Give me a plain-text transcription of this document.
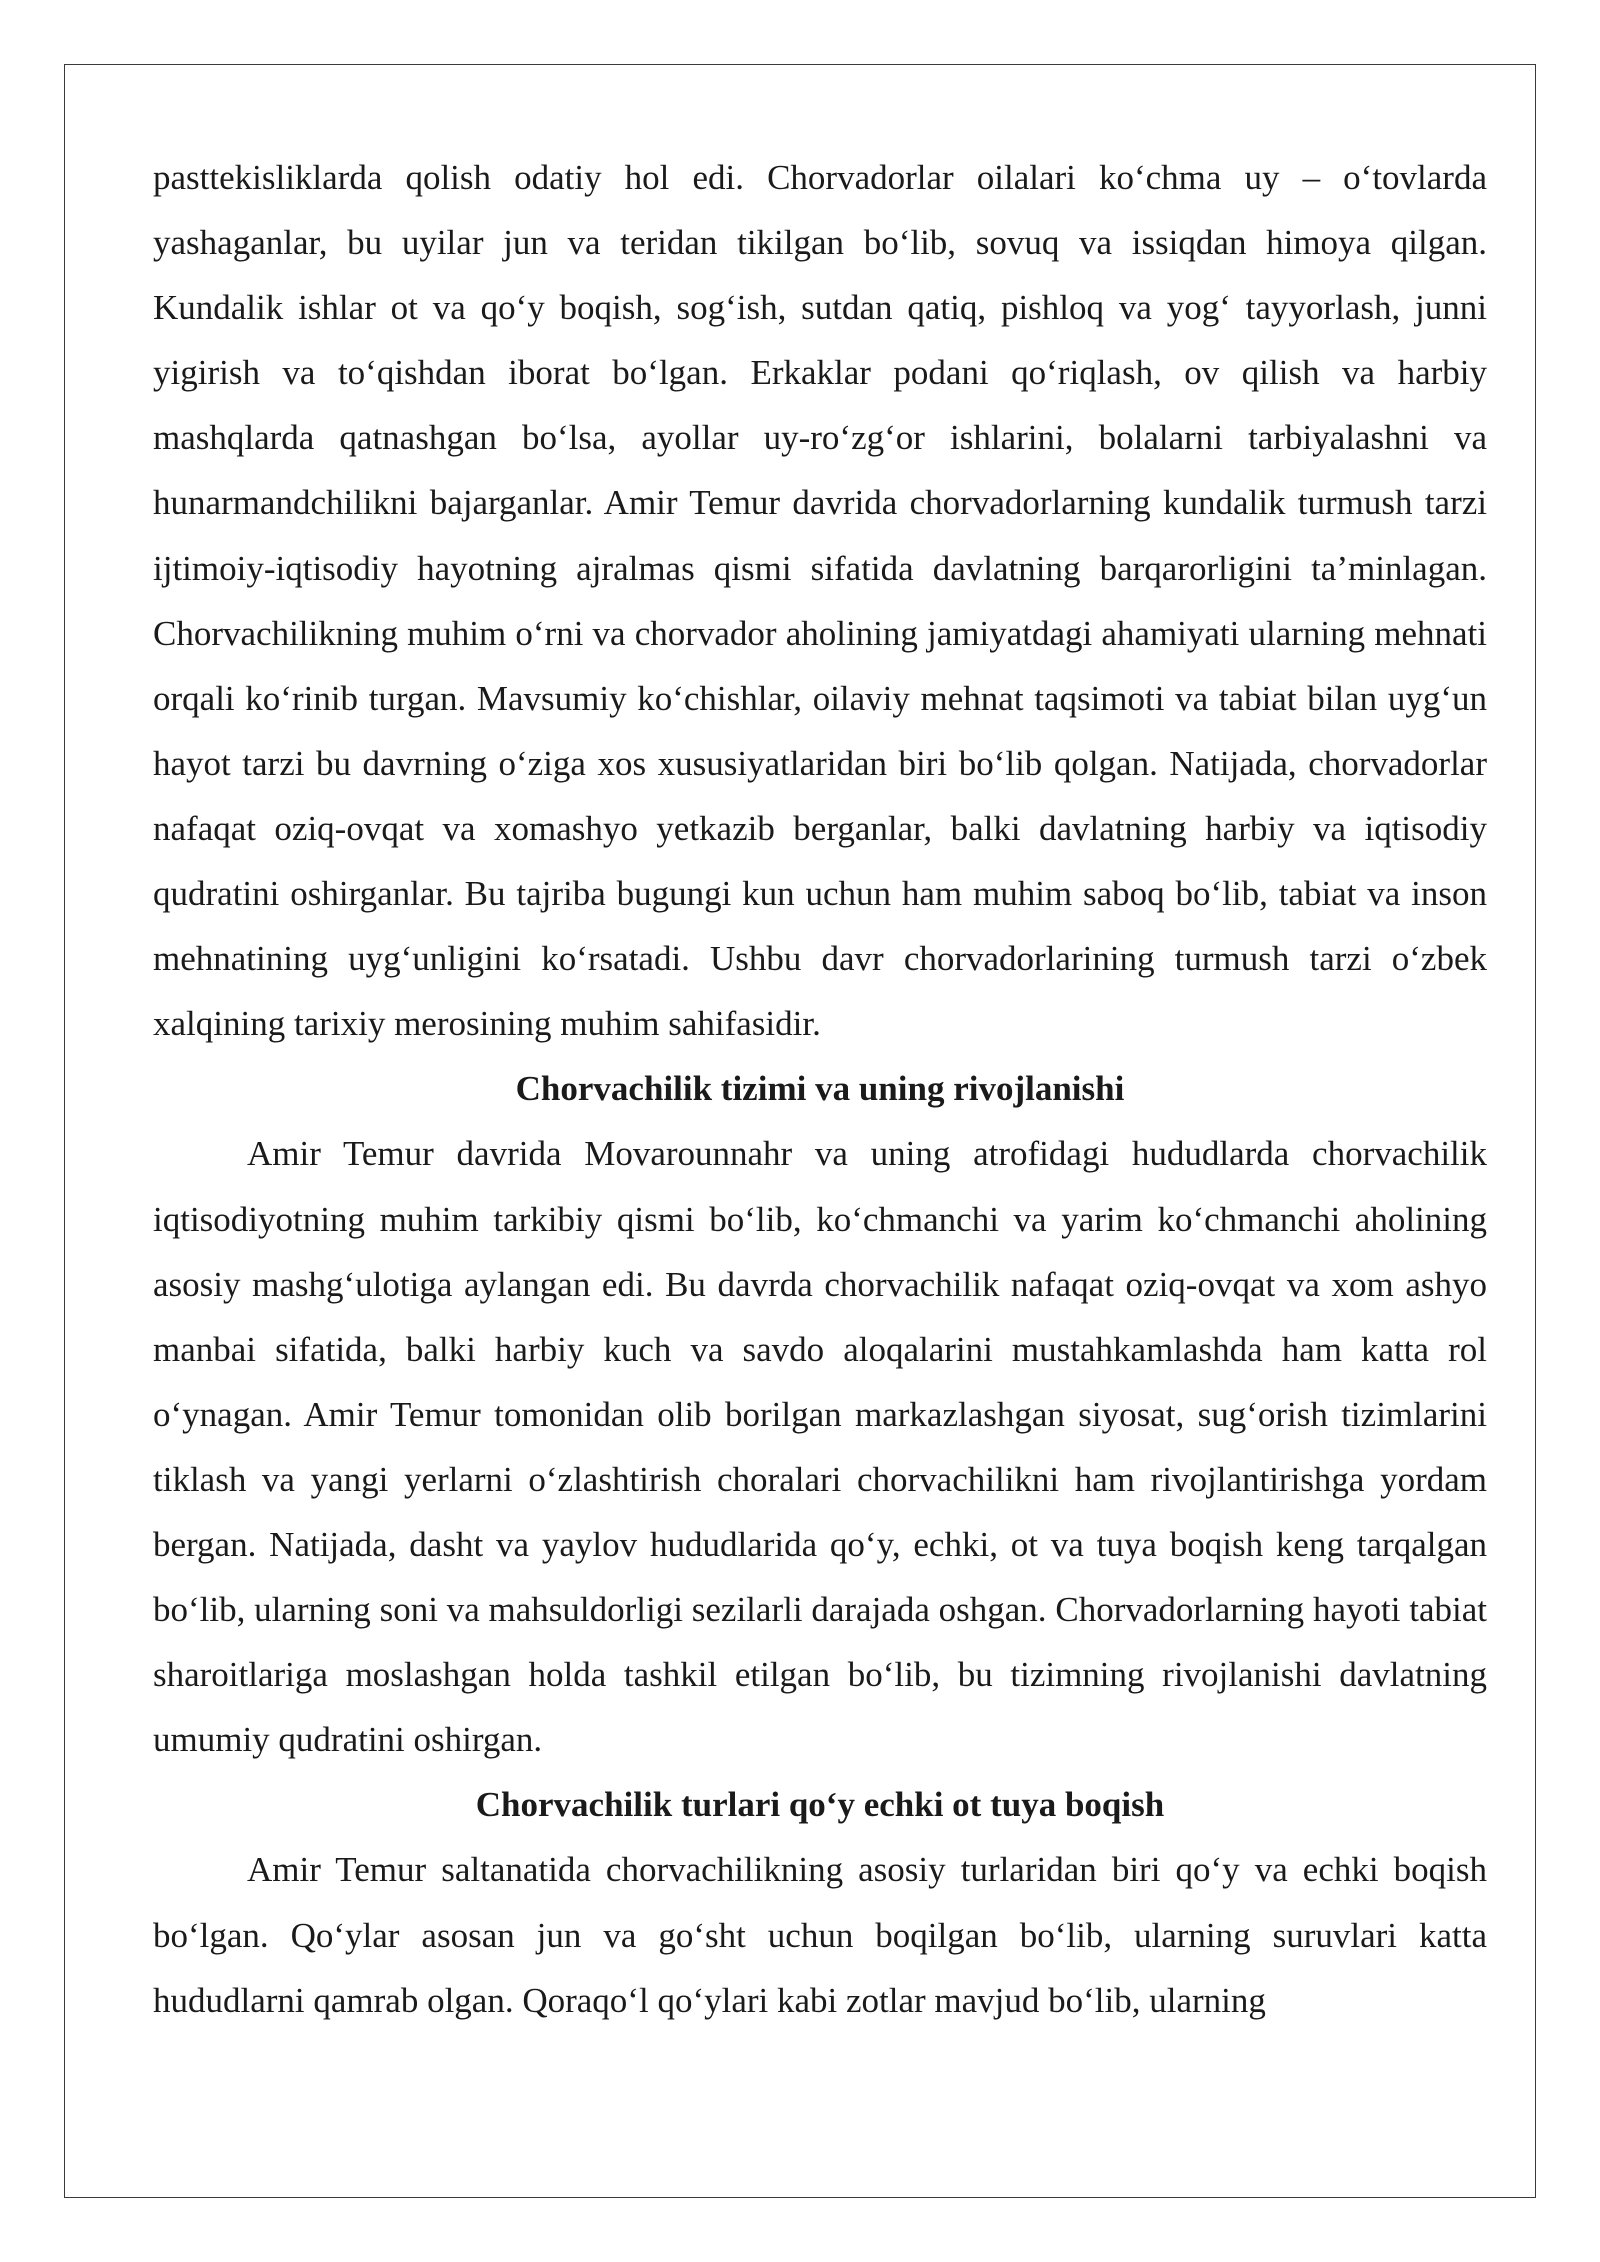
pasttekisliklarda qolish odatiy hol edi. Chorvadorlar oilalari ko‘chma uy – o‘tovlarda yashaganlar, bu uyilar jun va teridan tikilgan bo‘lib, sovuq va issiqdan himoya qilgan. Kundalik ishlar ot va qo‘y boqish, sog‘ish, sutdan qatiq, pishloq va yog‘ tayyorlash, junni yigirish va to‘qishdan iborat bo‘lgan. Erkaklar podani qo‘riqlash, ov qilish va harbiy mashqlarda qatnashgan bo‘lsa, ayollar uy-ro‘zg‘or ishlarini, bolalarni tarbiyalashni va hunarmandchilikni bajarganlar. Amir Temur davrida chorvadorlarning kundalik turmush tarzi ijtimoiy-iqtisodiy hayotning ajralmas qismi sifatida davlatning barqarorligini ta’minlagan. Chorvachilikning muhim o‘rni va chorvador aholining jamiyatdagi ahamiyati ularning mehnati orqali ko‘rinib turgan. Mavsumiy ko‘chishlar, oilaviy mehnat taqsimoti va tabiat bilan uyg‘un hayot tarzi bu davrning o‘ziga xos xususiyatlaridan biri bo‘lib qolgan. Natijada, chorvadorlar nafaqat oziq-ovqat va xomashyo yetkazib berganlar, balki davlatning harbiy va iqtisodiy qudratini oshirganlar. Bu tajriba bugungi kun uchun ham muhim saboq bo‘lib, tabiat va inson mehnatining uyg‘unligini ko‘rsatadi. Ushbu davr chorvadorlarining turmush tarzi o‘zbek xalqining tarixiy merosining muhim sahifasidir.

Chorvachilik tizimi va uning rivojlanishi

Amir Temur davrida Movarounnahr va uning atrofidagi hududlarda chorvachilik iqtisodiyotning muhim tarkibiy qismi bo‘lib, ko‘chmanchi va yarim ko‘chmanchi aholining asosiy mashg‘ulotiga aylangan edi. Bu davrda chorvachilik nafaqat oziq-ovqat va xom ashyo manbai sifatida, balki harbiy kuch va savdo aloqalarini mustahkamlashda ham katta rol o‘ynagan. Amir Temur tomonidan olib borilgan markazlashgan siyosat, sug‘orish tizimlarini tiklash va yangi yerlarni o‘zlashtirish choralari chorvachilikni ham rivojlantirishga yordam bergan. Natijada, dasht va yaylov hududlarida qo‘y, echki, ot va tuya boqish keng tarqalgan bo‘lib, ularning soni va mahsuldorligi sezilarli darajada oshgan. Chorvadorlarning hayoti tabiat sharoitlariga moslashgan holda tashkil etilgan bo‘lib, bu tizimning rivojlanishi davlatning umumiy qudratini oshirgan.

Chorvachilik turlari qo‘y echki ot tuya boqish

Amir Temur saltanatida chorvachilikning asosiy turlaridan biri qo‘y va echki boqish bo‘lgan. Qo‘ylar asosan jun va go‘sht uchun boqilgan bo‘lib, ularning suruvlari katta hududlarni qamrab olgan. Qoraqo‘l qo‘ylari kabi zotlar mavjud bo‘lib, ularning
